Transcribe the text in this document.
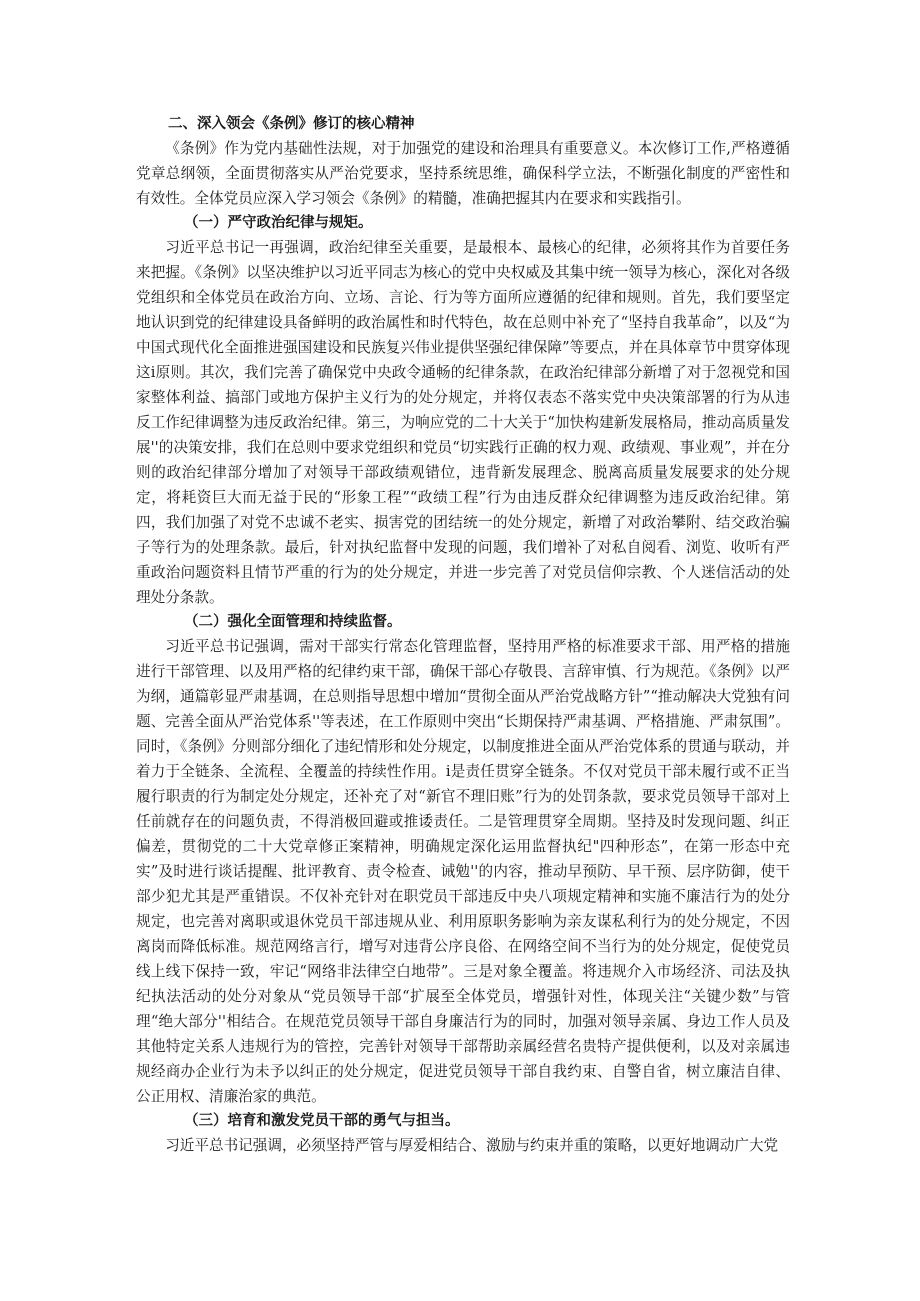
二、深入领会《条例》修订的核心精神

《条例》作为党内基础性法规，对于加强党的建设和治理具有重要意义。本次修订工作,严格遵循党章总纲领，全面贯彻落实从严治党要求，坚持系统思维，确保科学立法，不断强化制度的严密性和有效性。全体党员应深入学习领会《条例》的精髓，准确把握其内在要求和实践指引。

（一）严守政治纪律与规矩。

习近平总书记一再强调，政治纪律至关重要，是最根本、最核心的纪律，必须将其作为首要任务来把握。《条例》以坚决维护以习近平同志为核心的党中央权威及其集中统一领导为核心，深化对各级党组织和全体党员在政治方向、立场、言论、行为等方面所应遵循的纪律和规则。首先，我们要坚定地认识到党的纪律建设具备鲜明的政治属性和时代特色，故在总则中补充了“坚持自我革命”，以及“为中国式现代化全面推进强国建设和民族复兴伟业提供坚强纪律保障”等要点，并在具体章节中贯穿体现这i原则。其次，我们完善了确保党中央政令通畅的纪律条款，在政治纪律部分新增了对于忽视党和国家整体利益、搞部门或地方保护主义行为的处分规定，并将仅表态不落实党中央决策部署的行为从违反工作纪律调整为违反政治纪律。第三，为响应党的二十大关于“加快构建新发展格局，推动高质量发展''的决策安排，我们在总则中要求党组织和党员“切实践行正确的权力观、政绩观、事业观”，并在分则的政治纪律部分增加了对领导干部政绩观错位，违背新发展理念、脱离高质量发展要求的处分规定，将耗资巨大而无益于民的“形象工程”“政绩工程”行为由违反群众纪律调整为违反政治纪律。第四，我们加强了对党不忠诚不老实、损害党的团结统一的处分规定，新增了对政治攀附、结交政治骗子等行为的处理条款。最后，针对执纪监督中发现的问题，我们增补了对私自阅看、浏览、收听有严重政治问题资料且情节严重的行为的处分规定，并进一步完善了对党员信仰宗教、个人迷信活动的处理处分条款。

（二）强化全面管理和持续监督。

习近平总书记强调，需对干部实行常态化管理监督，坚持用严格的标准要求干部、用严格的措施进行干部管理、以及用严格的纪律约束干部，确保干部心存敬畏、言辞审慎、行为规范。《条例》以严为纲，通篇彰显严肃基调，在总则指导思想中增加“贯彻全面从严治党战略方针”“推动解决大党独有问题、完善全面从严治党体系''等表述，在工作原则中突出“长期保持严肃基调、严格措施、严肃氛围”。同时，《条例》分则部分细化了违纪情形和处分规定，以制度推进全面从严治党体系的贯通与联动，并着力于全链条、全流程、全覆盖的持续性作用。i是责任贯穿全链条。不仅对党员干部未履行或不正当履行职责的行为制定处分规定，还补充了对“新官不理旧账”行为的处罚条款，要求党员领导干部对上任前就存在的问题负责，不得消极回避或推诿责任。二是管理贯穿全周期。坚持及时发现问题、纠正偏差，贯彻党的二十大党章修正案精神，明确规定深化运用监督执纪"四种形态”，在第一形态中充实”及时进行谈话提醒、批评教育、责令检查、诫勉''的内容，推动早预防、早干预、层序防御，使干部少犯尤其是严重错误。不仅补充针对在职党员干部违反中央八项规定精神和实施不廉洁行为的处分规定，也完善对离职或退休党员干部违规从业、利用原职务影响为亲友谋私利行为的处分规定，不因离岗而降低标准。规范网络言行，增写对违背公序良俗、在网络空间不当行为的处分规定，促使党员线上线下保持一致，牢记“网络非法律空白地带”。三是对象全覆盖。将违规介入市场经济、司法及执纪执法活动的处分对象从“党员领导干部“扩展至全体党员，增强针对性，体现关注“关键少数”与管理“绝大部分''相结合。在规范党员领导干部自身廉洁行为的同时，加强对领导亲属、身边工作人员及其他特定关系人违规行为的管控，完善针对领导干部帮助亲属经营名贵特产提供便利，以及对亲属违规经商办企业行为未予以纠正的处分规定，促进党员领导干部自我约束、自警自省，树立廉洁自律、公正用权、清廉治家的典范。

（三）培育和激发党员干部的勇气与担当。

习近平总书记强调，必须坚持严管与厚爱相结合、激励与约束并重的策略，以更好地调动广大党
